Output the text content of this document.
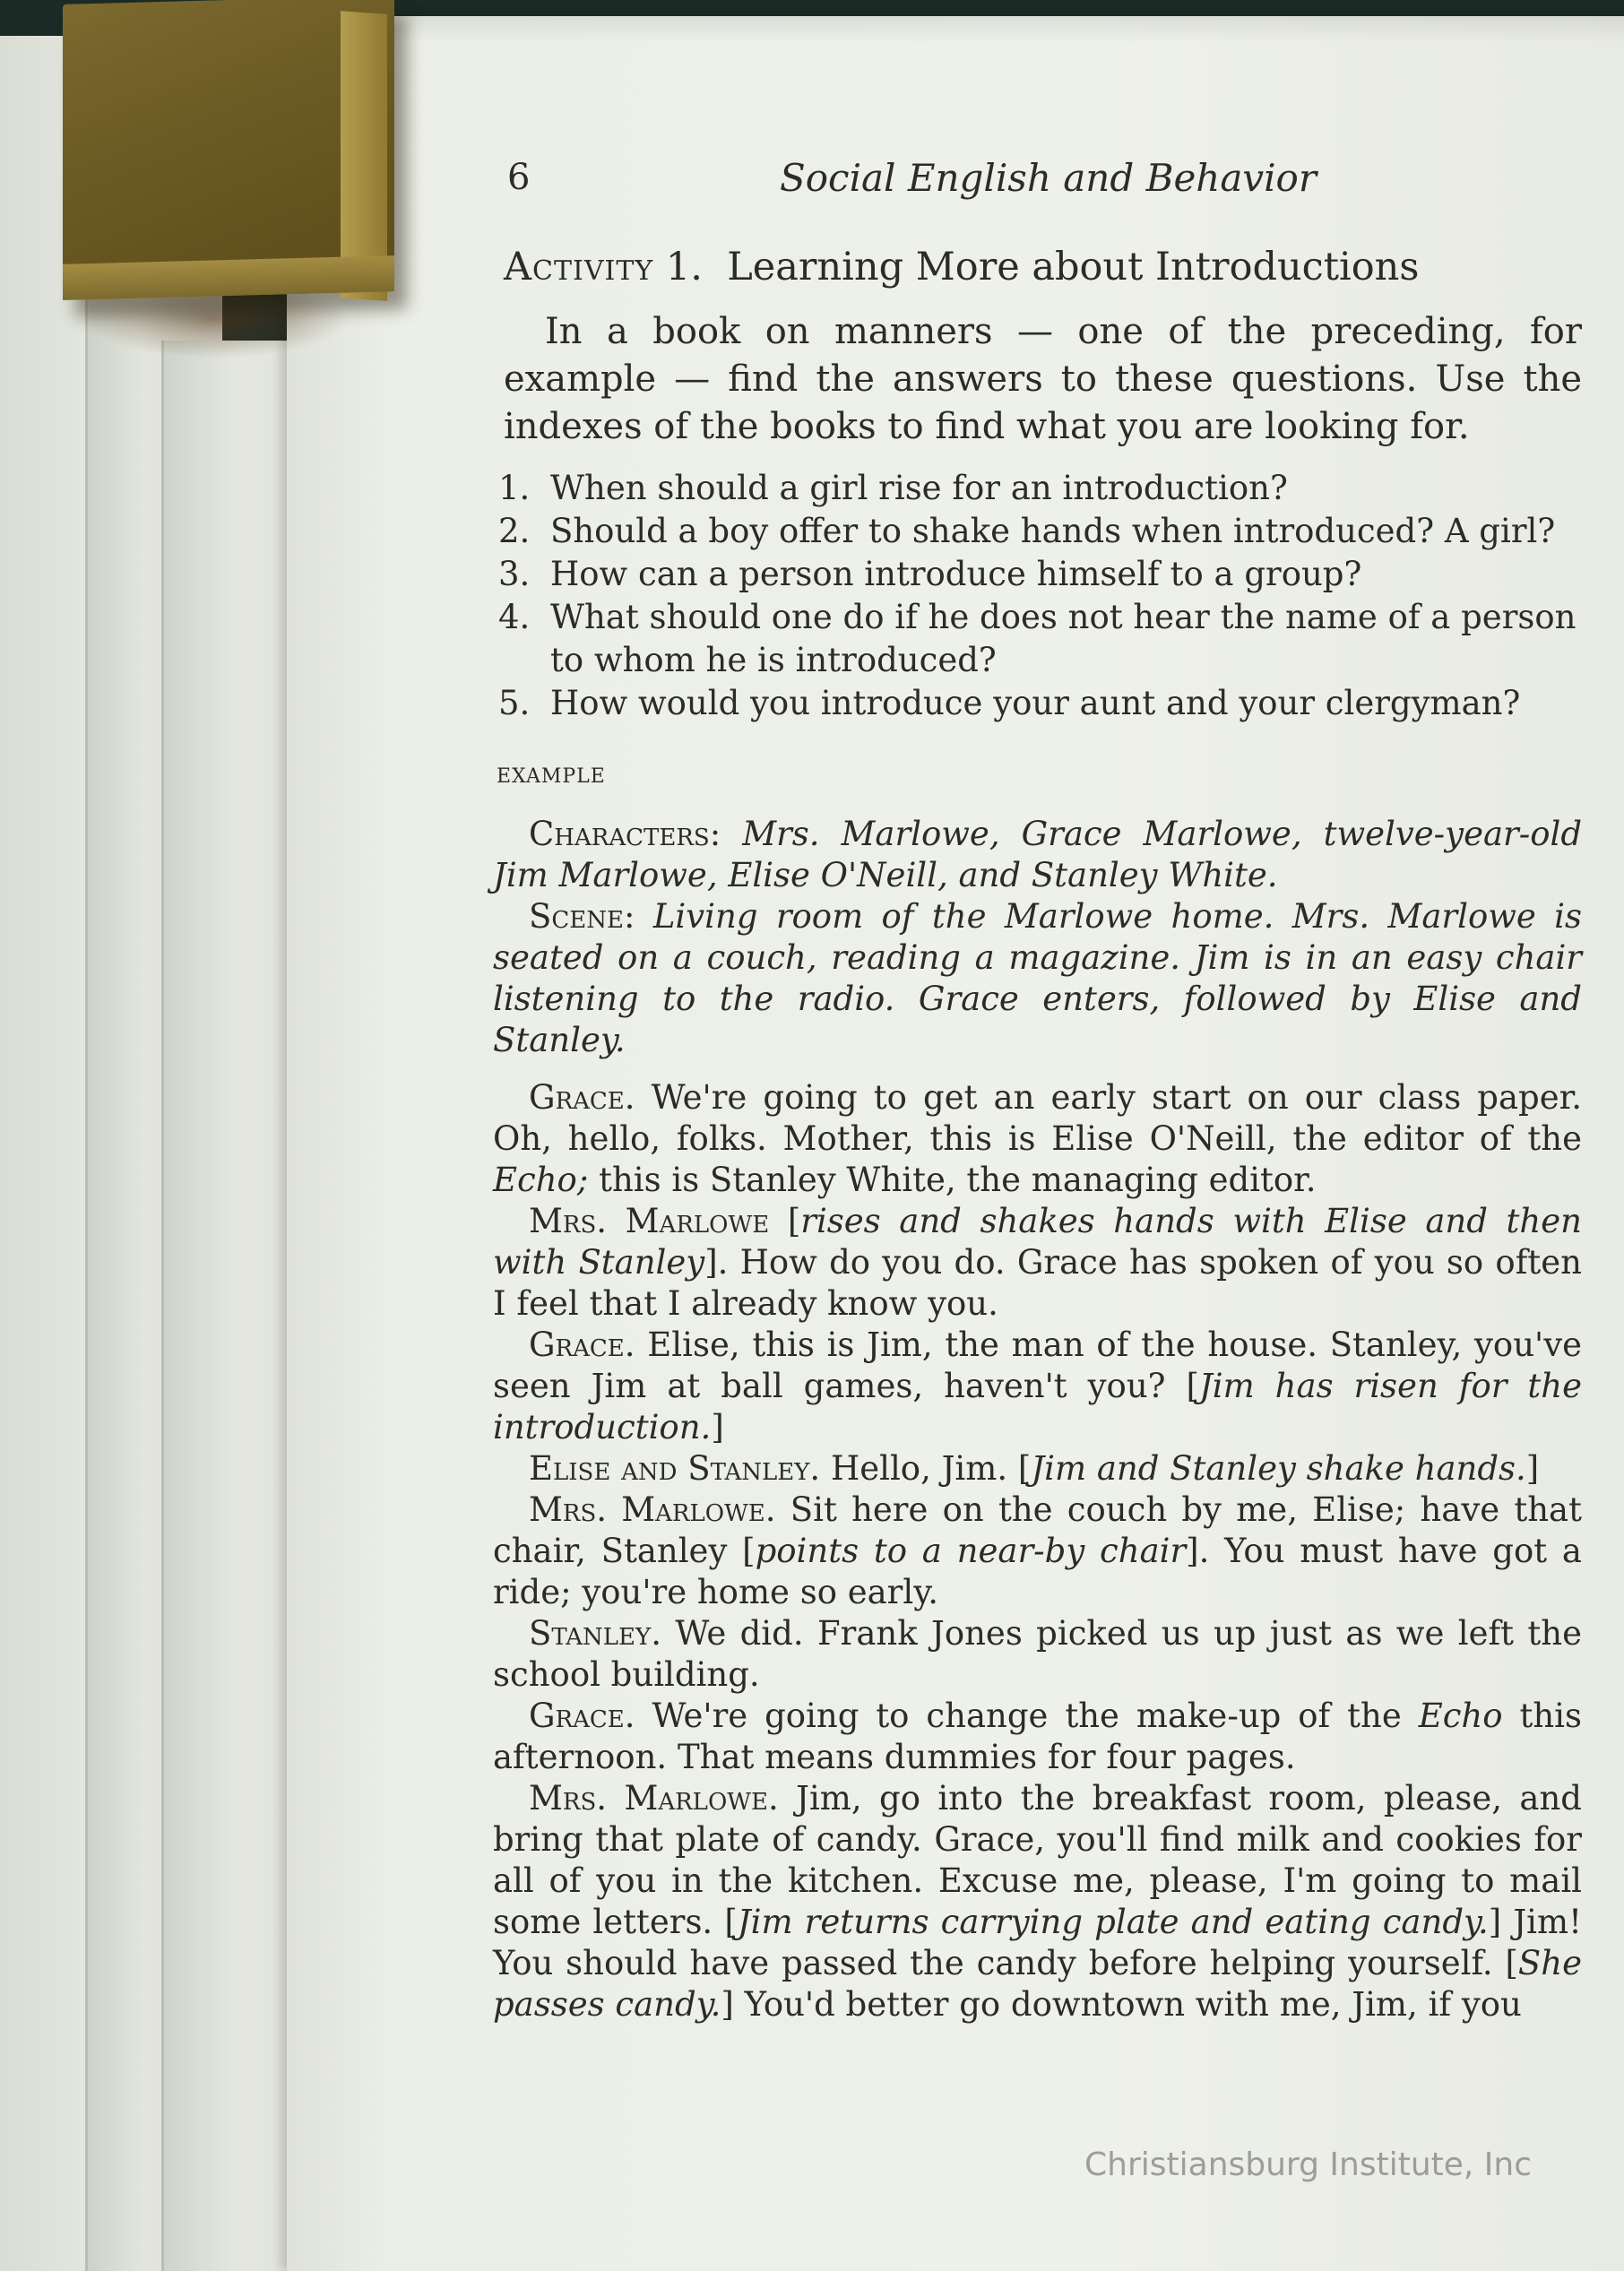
6	Social English and Behavior
Activity 1. Learning More about Introductions

In a book on manners — one of the preceding, for example — find the answers to these questions. Use the indexes of the books to find what you are looking for.

1. When should a girl rise for an introduction?
2. Should a boy offer to shake hands when introduced? A girl?
3. How can a person introduce himself to a group?
4. What should one do if he does not hear the name of a person to whom he is introduced?
5. How would you introduce your aunt and your clergyman?
example

Characters: Mrs. Marlowe, Grace Marlowe, twelve-year-old Jim Marlowe, Elise O'Neill, and Stanley White.

Scene: Living room of the Marlowe home. Mrs. Marlowe is seated on a couch, reading a magazine. Jim is in an easy chair listening to the radio. Grace enters, followed by Elise and Stanley.

Grace. We're going to get an early start on our class paper. Oh, hello, folks. Mother, this is Elise O'Neill, the editor of the Echo; this is Stanley White, the managing editor.

Mrs. Marlowe [rises and shakes hands with Elise and then with Stanley]. How do you do. Grace has spoken of you so often I feel that I already know you.

Grace. Elise, this is Jim, the man of the house. Stanley, you've seen Jim at ball games, haven't you? [Jim has risen for the introduction.]

Elise and Stanley. Hello, Jim. [Jim and Stanley shake hands.]

Mrs. Marlowe. Sit here on the couch by me, Elise; have that chair, Stanley [points to a near-by chair]. You must have got a ride; you're home so early.

Stanley. We did. Frank Jones picked us up just as we left the school building.

Grace. We're going to change the make-up of the Echo this afternoon. That means dummies for four pages.

Mrs. Marlowe. Jim, go into the breakfast room, please, and bring that plate of candy. Grace, you'll find milk and cookies for all of you in the kitchen. Excuse me, please, I'm going to mail some letters. [Jim returns carrying plate and eating candy.] Jim! You should have passed the candy before helping yourself. [She passes candy.] You'd better go downtown with me, Jim, if you

Christiansburg Institute, Inc
